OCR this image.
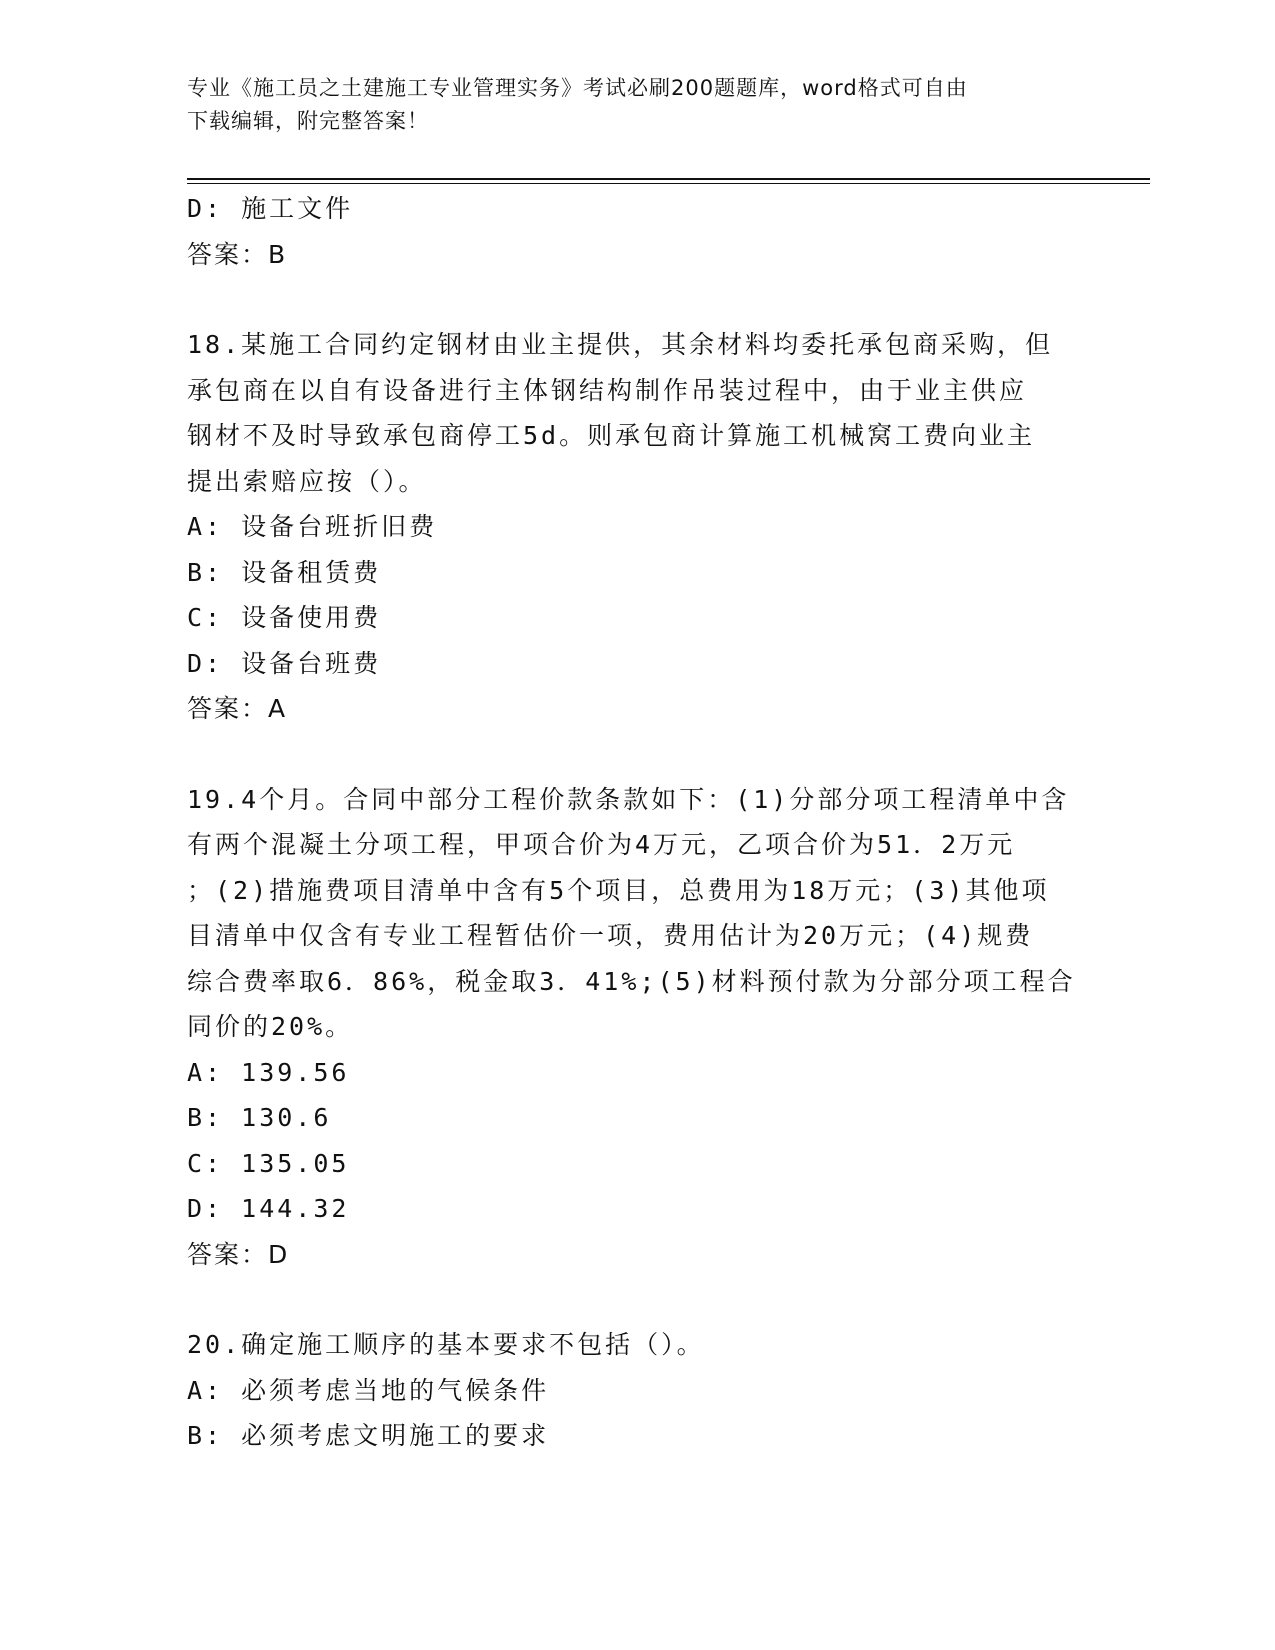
专业《施工员之土建施工专业管理实务》考试必刷200题题库，word格式可自由
下载编辑，附完整答案！

D: 施工文件

答案：B

18.某施工合同约定钢材由业主提供，其余材料均委托承包商采购，但

承包商在以自有设备进行主体钢结构制作吊装过程中，由于业主供应

钢材不及时导致承包商停工5d。则承包商计算施工机械窝工费向业主

提出索赔应按（）。

A: 设备台班折旧费

B: 设备租赁费

C: 设备使用费

D: 设备台班费

答案：A

19.4个月。合同中部分工程价款条款如下：(1)分部分项工程清单中含

有两个混凝土分项工程，甲项合价为4万元，乙项合价为51．2万元

；(2)措施费项目清单中含有5个项目，总费用为18万元；(3)其他项

目清单中仅含有专业工程暂估价一项，费用估计为20万元；(4)规费

综合费率取6．86%，税金取3．41%;(5)材料预付款为分部分项工程合

同价的20%。

A: 139.56

B: 130.6

C: 135.05

D: 144.32

答案：D

20.确定施工顺序的基本要求不包括（）。

A: 必须考虑当地的气候条件

B: 必须考虑文明施工的要求
